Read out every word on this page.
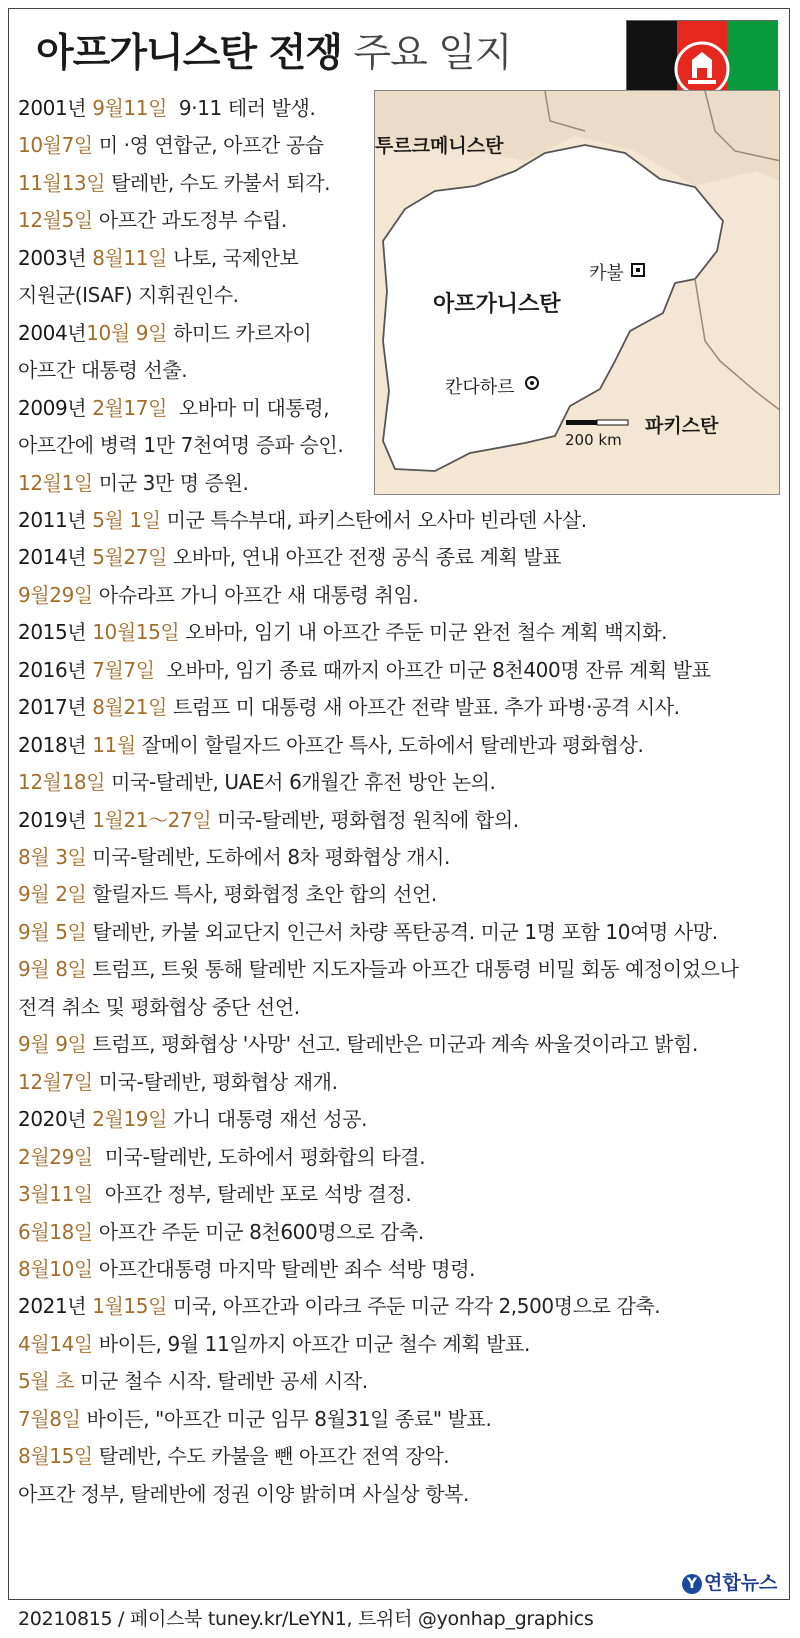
아프가니스탄 전쟁 주요 일지
투르크메니스탄
아프가니스탄
카불
칸다하르
파키스탄
200 km
2001년 9월11일  9·11 테러 발생.
10월7일 미 ·영 연합군, 아프간 공습
11월13일 탈레반, 수도 카불서 퇴각.
12월5일 아프간 과도정부 수립.
2003년 8월11일 나토, 국제안보
지원군(ISAF) 지휘권인수.
2004년10월 9일 하미드 카르자이
아프간 대통령 선출.
2009년 2월17일  오바마 미 대통령,
아프간에 병력 1만 7천여명 증파 승인.
12월1일 미군 3만 명 증원.
2011년 5월 1일 미군 특수부대, 파키스탄에서 오사마 빈라덴 사살.
2014년 5월27일 오바마, 연내 아프간 전쟁 공식 종료 계획 발표
9월29일 아슈라프 가니 아프간 새 대통령 취임.
2015년 10월15일 오바마, 임기 내 아프간 주둔 미군 완전 철수 계획 백지화.
2016년 7월7일  오바마, 임기 종료 때까지 아프간 미군 8천400명 잔류 계획 발표
2017년 8월21일 트럼프 미 대통령 새 아프간 전략 발표. 추가 파병·공격 시사.
2018년 11월 잘메이 할릴자드 아프간 특사, 도하에서 탈레반과 평화협상.
12월18일 미국-탈레반, UAE서 6개월간 휴전 방안 논의.
2019년 1월21～27일 미국-탈레반, 평화협정 원칙에 합의.
8월 3일 미국-탈레반, 도하에서 8차 평화협상 개시.
9월 2일 할릴자드 특사, 평화협정 초안 합의 선언.
9월 5일 탈레반, 카불 외교단지 인근서 차량 폭탄공격. 미군 1명 포함 10여명 사망.
9월 8일 트럼프, 트윗 통해 탈레반 지도자들과 아프간 대통령 비밀 회동 예정이었으나
전격 취소 및 평화협상 중단 선언.
9월 9일 트럼프, 평화협상 '사망' 선고. 탈레반은 미군과 계속 싸울것이라고 밝힘.
12월7일 미국-탈레반, 평화협상 재개.
2020년 2월19일 가니 대통령 재선 성공.
2월29일  미국-탈레반, 도하에서 평화합의 타결.
3월11일  아프간 정부, 탈레반 포로 석방 결정.
6월18일 아프간 주둔 미군 8천600명으로 감축.
8월10일 아프간대통령 마지막 탈레반 죄수 석방 명령.
2021년 1월15일 미국, 아프간과 이라크 주둔 미군 각각 2,500명으로 감축.
4월14일 바이든, 9월 11일까지 아프간 미군 철수 계획 발표.
5월 초 미군 철수 시작. 탈레반 공세 시작.
7월8일 바이든, "아프간 미군 임무 8월31일 종료" 발표.
8월15일 탈레반, 수도 카불을 뺀 아프간 전역 장악.
아프간 정부, 탈레반에 정권 이양 밝히며 사실상 항복.
Y 연합뉴스
20210815 / 페이스북 tuney.kr/LeYN1, 트위터 @yonhap_graphics
